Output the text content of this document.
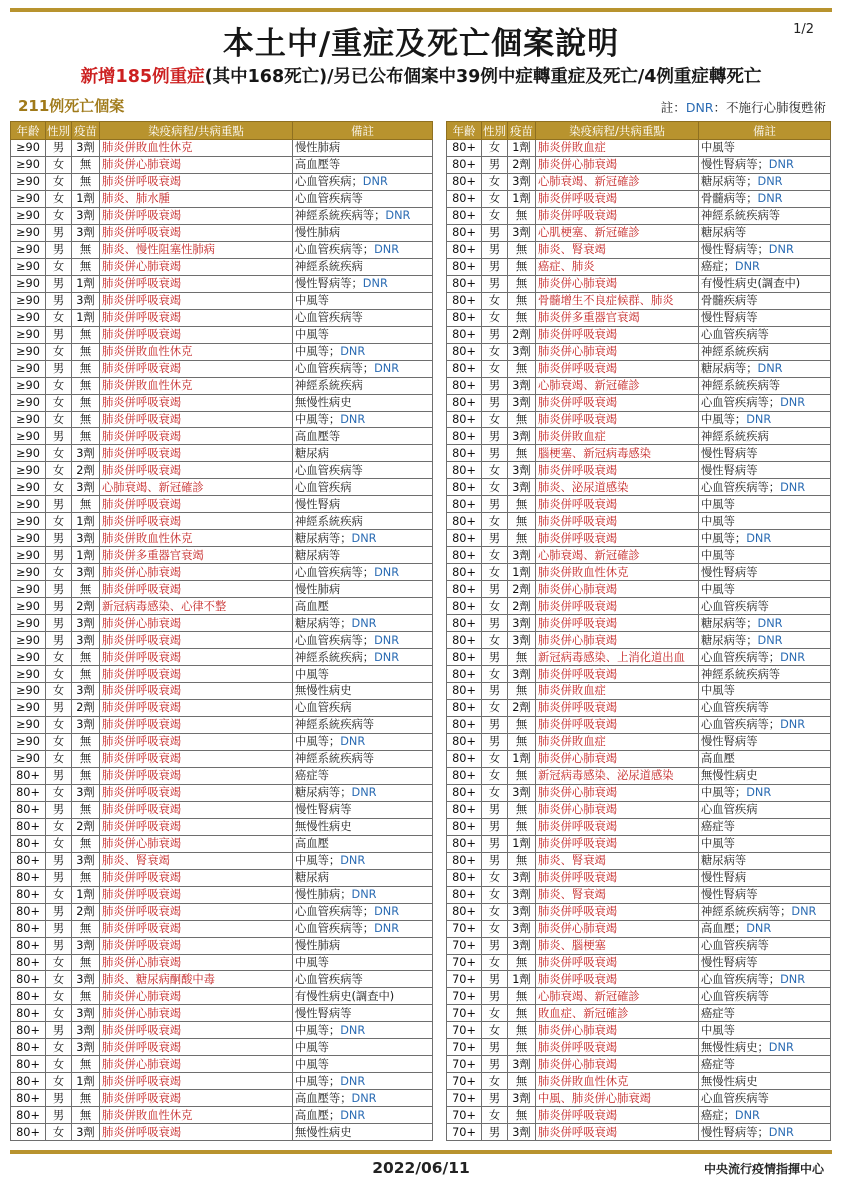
本土中/重症及死亡個案說明	1/2
新增185例重症(其中168死亡)/另已公布個案中39例中症轉重症及死亡/4例重症轉死亡
211例死亡個案	註：DNR：不施行心肺復甦術
年齡	性別	疫苗	染疫病程/共病重點	備註
≥90	男	3劑	肺炎併敗血性休克	慢性肺病
≥90	女	無	肺炎併心肺衰竭	高血壓等
≥90	女	無	肺炎併呼吸衰竭	心血管疾病；DNR
≥90	女	1劑	肺炎、肺水腫	心血管疾病等
≥90	女	3劑	肺炎併呼吸衰竭	神經系統疾病等；DNR
≥90	男	3劑	肺炎併呼吸衰竭	慢性肺病
≥90	男	無	肺炎、慢性阻塞性肺病	心血管疾病等；DNR
≥90	女	無	肺炎併心肺衰竭	神經系統疾病
≥90	男	1劑	肺炎併呼吸衰竭	慢性腎病等；DNR
≥90	男	3劑	肺炎併呼吸衰竭	中風等
≥90	女	1劑	肺炎併呼吸衰竭	心血管疾病等
≥90	男	無	肺炎併呼吸衰竭	中風等
≥90	女	無	肺炎併敗血性休克	中風等；DNR
≥90	男	無	肺炎併呼吸衰竭	心血管疾病等；DNR
≥90	女	無	肺炎併敗血性休克	神經系統疾病
≥90	女	無	肺炎併呼吸衰竭	無慢性病史
≥90	女	無	肺炎併呼吸衰竭	中風等；DNR
≥90	男	無	肺炎併呼吸衰竭	高血壓等
≥90	女	3劑	肺炎併呼吸衰竭	糖尿病
≥90	女	2劑	肺炎併呼吸衰竭	心血管疾病等
≥90	女	3劑	心肺衰竭、新冠確診	心血管疾病
≥90	男	無	肺炎併呼吸衰竭	慢性腎病
≥90	女	1劑	肺炎併呼吸衰竭	神經系統疾病
≥90	男	3劑	肺炎併敗血性休克	糖尿病等；DNR
≥90	男	1劑	肺炎併多重器官衰竭	糖尿病等
≥90	女	3劑	肺炎併心肺衰竭	心血管疾病等；DNR
≥90	男	無	肺炎併呼吸衰竭	慢性肺病
≥90	男	2劑	新冠病毒感染、心律不整	高血壓
≥90	男	3劑	肺炎併心肺衰竭	糖尿病等；DNR
≥90	男	3劑	肺炎併呼吸衰竭	心血管疾病等；DNR
≥90	女	無	肺炎併呼吸衰竭	神經系統疾病；DNR
≥90	女	無	肺炎併呼吸衰竭	中風等
≥90	女	3劑	肺炎併呼吸衰竭	無慢性病史
≥90	男	2劑	肺炎併呼吸衰竭	心血管疾病
≥90	女	3劑	肺炎併呼吸衰竭	神經系統疾病等
≥90	女	無	肺炎併呼吸衰竭	中風等；DNR
≥90	女	無	肺炎併呼吸衰竭	神經系統疾病等
80+	男	無	肺炎併呼吸衰竭	癌症等
80+	女	3劑	肺炎併呼吸衰竭	糖尿病等；DNR
80+	男	無	肺炎併呼吸衰竭	慢性腎病等
80+	女	2劑	肺炎併呼吸衰竭	無慢性病史
80+	女	無	肺炎併心肺衰竭	高血壓
80+	男	3劑	肺炎、腎衰竭	中風等；DNR
80+	男	無	肺炎併呼吸衰竭	糖尿病
80+	女	1劑	肺炎併呼吸衰竭	慢性肺病；DNR
80+	男	2劑	肺炎併呼吸衰竭	心血管疾病等；DNR
80+	男	無	肺炎併呼吸衰竭	心血管疾病等；DNR
80+	男	3劑	肺炎併呼吸衰竭	慢性肺病
80+	女	無	肺炎併心肺衰竭	中風等
80+	女	3劑	肺炎、糖尿病酮酸中毒	心血管疾病等
80+	女	無	肺炎併心肺衰竭	有慢性病史(調查中)
80+	女	3劑	肺炎併心肺衰竭	慢性腎病等
80+	男	3劑	肺炎併呼吸衰竭	中風等；DNR
80+	女	3劑	肺炎併呼吸衰竭	中風等
80+	女	無	肺炎併心肺衰竭	中風等
80+	女	1劑	肺炎併呼吸衰竭	中風等；DNR
80+	男	無	肺炎併呼吸衰竭	高血壓等；DNR
80+	男	無	肺炎併敗血性休克	高血壓；DNR
80+	女	3劑	肺炎併呼吸衰竭	無慢性病史
年齡	性別	疫苗	染疫病程/共病重點	備註
80+	女	1劑	肺炎併敗血症	中風等
80+	男	2劑	肺炎併心肺衰竭	慢性腎病等；DNR
80+	女	3劑	心肺衰竭、新冠確診	糖尿病等；DNR
80+	女	1劑	肺炎併呼吸衰竭	骨髓病等；DNR
80+	女	無	肺炎併呼吸衰竭	神經系統疾病等
80+	男	3劑	心肌梗塞、新冠確診	糖尿病等
80+	男	無	肺炎、腎衰竭	慢性腎病等；DNR
80+	男	無	癌症、肺炎	癌症；DNR
80+	男	無	肺炎併心肺衰竭	有慢性病史(調查中)
80+	女	無	骨髓增生不良症候群、肺炎	骨髓疾病等
80+	女	無	肺炎併多重器官衰竭	慢性腎病等
80+	男	2劑	肺炎併呼吸衰竭	心血管疾病等
80+	女	3劑	肺炎併心肺衰竭	神經系統疾病
80+	女	無	肺炎併呼吸衰竭	糖尿病等；DNR
80+	男	3劑	心肺衰竭、新冠確診	神經系統疾病等
80+	男	3劑	肺炎併呼吸衰竭	心血管疾病等；DNR
80+	女	無	肺炎併呼吸衰竭	中風等；DNR
80+	男	3劑	肺炎併敗血症	神經系統疾病
80+	男	無	腦梗塞、新冠病毒感染	慢性腎病等
80+	女	3劑	肺炎併呼吸衰竭	慢性腎病等
80+	女	3劑	肺炎、泌尿道感染	心血管疾病等；DNR
80+	男	無	肺炎併呼吸衰竭	中風等
80+	女	無	肺炎併呼吸衰竭	中風等
80+	男	無	肺炎併呼吸衰竭	中風等；DNR
80+	女	3劑	心肺衰竭、新冠確診	中風等
80+	女	1劑	肺炎併敗血性休克	慢性腎病等
80+	男	2劑	肺炎併心肺衰竭	中風等
80+	女	2劑	肺炎併呼吸衰竭	心血管疾病等
80+	男	3劑	肺炎併呼吸衰竭	糖尿病等；DNR
80+	女	3劑	肺炎併心肺衰竭	糖尿病等；DNR
80+	男	無	新冠病毒感染、上消化道出血	心血管疾病等；DNR
80+	女	3劑	肺炎併呼吸衰竭	神經系統疾病等
80+	男	無	肺炎併敗血症	中風等
80+	女	2劑	肺炎併呼吸衰竭	心血管疾病等
80+	男	無	肺炎併呼吸衰竭	心血管疾病等；DNR
80+	男	無	肺炎併敗血症	慢性腎病等
80+	女	1劑	肺炎併心肺衰竭	高血壓
80+	女	無	新冠病毒感染、泌尿道感染	無慢性病史
80+	女	3劑	肺炎併心肺衰竭	中風等；DNR
80+	男	無	肺炎併心肺衰竭	心血管疾病
80+	男	無	肺炎併呼吸衰竭	癌症等
80+	男	1劑	肺炎併呼吸衰竭	中風等
80+	男	無	肺炎、腎衰竭	糖尿病等
80+	女	3劑	肺炎併呼吸衰竭	慢性腎病
80+	女	3劑	肺炎、腎衰竭	慢性腎病等
80+	女	3劑	肺炎併呼吸衰竭	神經系統疾病等；DNR
70+	女	3劑	肺炎併心肺衰竭	高血壓；DNR
70+	男	3劑	肺炎、腦梗塞	心血管疾病等
70+	女	無	肺炎併呼吸衰竭	慢性腎病等
70+	男	1劑	肺炎併呼吸衰竭	心血管疾病等；DNR
70+	男	無	心肺衰竭、新冠確診	心血管疾病等
70+	女	無	敗血症、新冠確診	癌症等
70+	女	無	肺炎併心肺衰竭	中風等
70+	男	無	肺炎併呼吸衰竭	無慢性病史；DNR
70+	男	3劑	肺炎併心肺衰竭	癌症等
70+	女	無	肺炎併敗血性休克	無慢性病史
70+	男	3劑	中風、肺炎併心肺衰竭	心血管疾病等
70+	女	無	肺炎併呼吸衰竭	癌症；DNR
70+	男	3劑	肺炎併呼吸衰竭	慢性腎病等；DNR
2022/06/11	中央流行疫情指揮中心
